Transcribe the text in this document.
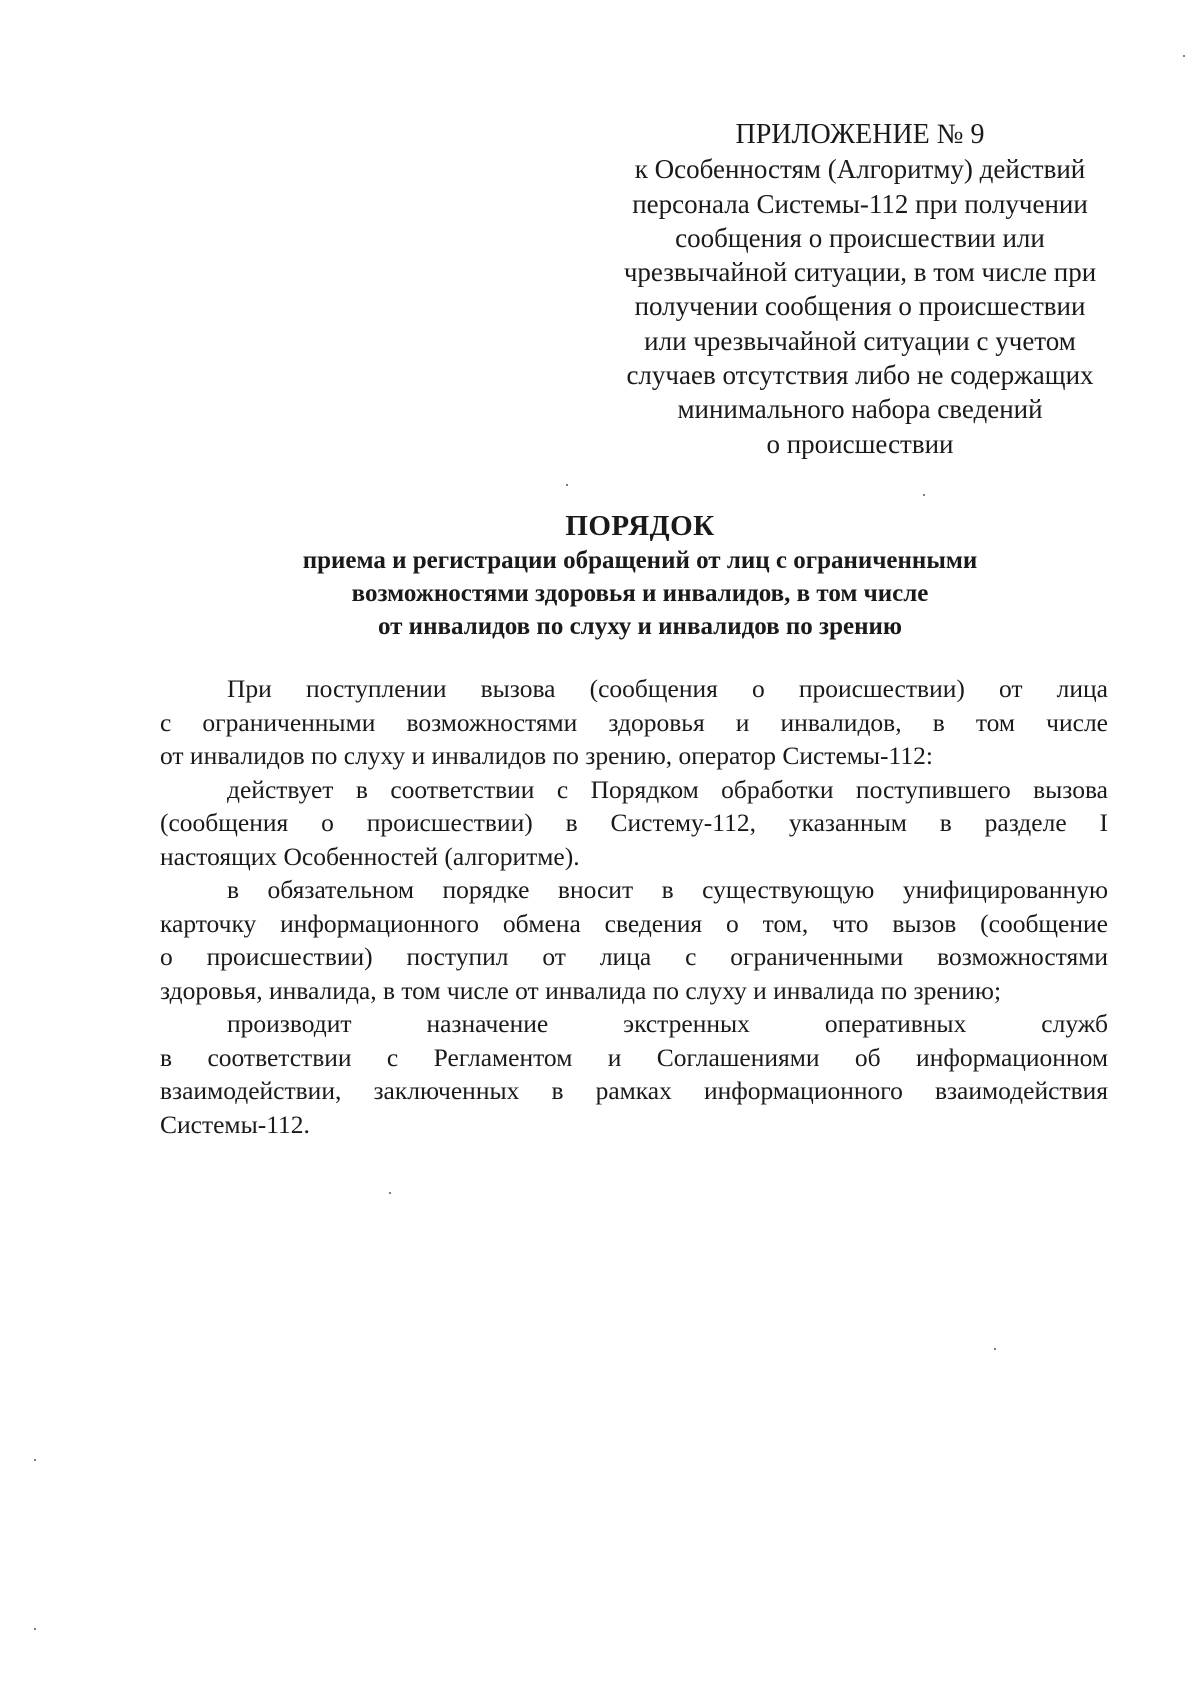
ПРИЛОЖЕНИЕ № 9
к Особенностям (Алгоритму) действий
персонала Системы-112 при получении
сообщения о происшествии или
чрезвычайной ситуации, в том числе при
получении сообщения о происшествии
или чрезвычайной ситуации с учетом
случаев отсутствия либо не содержащих
минимального набора сведений
о происшествии
ПОРЯДОК
приема и регистрации обращений от лиц с ограниченными
возможностями здоровья и инвалидов, в том числе
от инвалидов по слуху и инвалидов по зрению
При поступлении вызова (сообщения о происшествии) от лица
с ограниченными возможностями здоровья и инвалидов, в том числе
от инвалидов по слуху и инвалидов по зрению, оператор Системы-112:
действует в соответствии с Порядком обработки поступившего вызова
(сообщения о происшествии) в Систему-112, указанным в разделе I
настоящих Особенностей (алгоритме).
в обязательном порядке вносит в существующую унифицированную
карточку информационного обмена сведения о том, что вызов (сообщение
о происшествии) поступил от лица с ограниченными возможностями
здоровья, инвалида, в том числе от инвалида по слуху и инвалида по зрению;
производит назначение экстренных оперативных служб
в соответствии с Регламентом и Соглашениями об информационном
взаимодействии, заключенных в рамках информационного взаимодействия
Системы-112.
